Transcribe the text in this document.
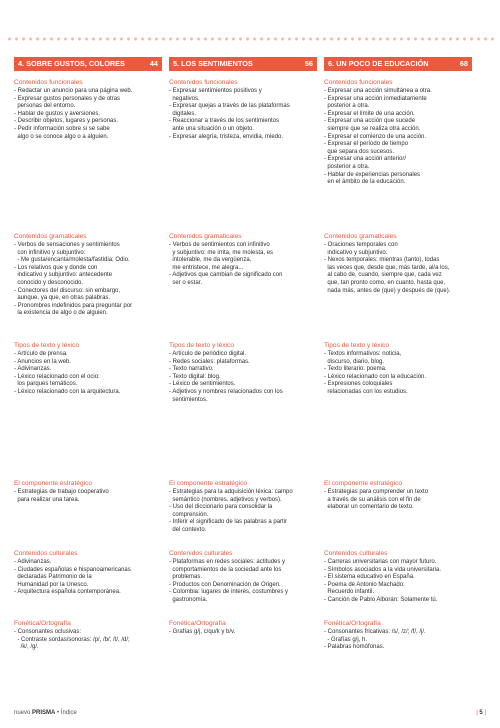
4. SOBRE GUSTOS, COLORES	44
Contenidos funcionales
- Redactar un anuncio para una página web.
- Expresar gustos personales y de otras
personas del entorno.
- Hablar de gustos y aversiones.
- Describir objetos, lugares y personas.
- Pedir información sobre si se sabe
algo o se conoce algo o a alguien.
Contenidos gramaticales
- Verbos de sensaciones y sentimientos
con infinitivo y subjuntivo:
- Me gusta/encanta/molesta/fastidia; Odio.
- Los relativos que y donde con
indicativo y subjuntivo: antecedente
conocido y desconocido.
- Conectores del discurso: sin embargo,
aunque, ya que, en otras palabras.
- Pronombres indefinidos para preguntar por
la existencia de algo o de alguien.
Tipos de texto y léxico
- Artículo de prensa.
- Anuncios en la web.
- Adivinanzas.
- Léxico relacionado con el ocio:
los parques temáticos.
- Léxico relacionado con la arquitectura.
El componente estratégico
- Estrategias de trabajo cooperativo
para realizar una tarea.
Contenidos culturales
- Adivinanzas.
- Ciudades españolas e hispanoamericanas
declaradas Patrimonio de la
Humanidad por la Unesco.
- Arquitectura española contemporánea.
Fonética/Ortografía
- Consonantes oclusivas:
- Contraste sordas/sonoras: /p/, /b/; /t/, /d/;
/k/, /g/.
5. LOS SENTIMIENTOS	56
Contenidos funcionales
- Expresar sentimientos positivos y
negativos.
- Expresar quejas a través de las plataformas
digitales.
- Reaccionar a través de los sentimientos
ante una situación o un objeto.
- Expresar alegría, tristeza, envidia, miedo.
Contenidos gramaticales
- Verbos de sentimientos con infinitivo
y subjuntivo: me irrita, me molesta, es
intolerable, me da vergüenza,
me entristece, me alegra...
- Adjetivos que cambian de significado con
ser o estar.
Tipos de texto y léxico
- Artículo de periódico digital.
- Redes sociales: plataformas.
- Texto narrativo.
- Texto digital: blog.
- Léxico de sentimientos.
- Adjetivos y nombres relacionados con los
sentimientos.
El componente estratégico
- Estrategias para la adquisición léxica: campo
semántico (nombres, adjetivos y verbos).
- Uso del diccionario para consolidar la
comprensión.
- Inferir el significado de las palabras a partir
del contexto.
Contenidos culturales
- Plataformas en redes sociales: actitudes y
comportamientos de la sociedad ante los
problemas.
- Productos con Denominación de Origen.
- Colombia: lugares de interés, costumbres y
gastronomía.
Fonética/Ortografía
- Grafías g/j, c/qu/k y b/v.
6. UN POCO DE EDUCACIÓN	68
Contenidos funcionales
- Expresar una acción simultánea a otra.
- Expresar una acción inmediatamente
posterior a otra.
- Expresar el límite de una acción.
- Expresar una acción que sucede
siempre que se realiza otra acción.
- Expresar el comienzo de una acción.
- Expresar el período de tiempo
que separa dos sucesos.
- Expresar una acción anterior/
posterior a otra.
- Hablar de experiencias personales
en el ámbito de la educación.
Contenidos gramaticales
- Oraciones temporales con
indicativo y subjuntivo.
- Nexos temporales: mientras (tanto), todas
las veces que, desde que, más tarde, al/a los,
al cabo de, cuando, siempre que, cada vez
que, tan pronto como, en cuanto, hasta que,
nada más, antes de (que) y después de (que).
Tipos de texto y léxico
- Textos informativos: noticia,
discurso, diario, blog.
- Texto literario: poema.
- Léxico relacionado con la educación.
- Expresiones coloquiales
relacionadas con los estudios.
El componente estratégico
- Estrategias para comprender un texto
a través de su análisis con el fin de
elaborar un comentario de texto.
Contenidos culturales
- Carreras universitarias con mayor futuro.
- Símbolos asociados a la vida universitaria.
- El sistema educativo en España.
- Poema de Antonio Machado:
Recuerdo infantil.
- Canción de Pablo Alborán: Solamente tú.
Fonética/Ortografía
- Consonantes fricativas: /s/, /z/; /f/, /j/.
- Grafías g/j, h.
- Palabras homófonas.
nuevo PRISMA • Índice	| 5 |
